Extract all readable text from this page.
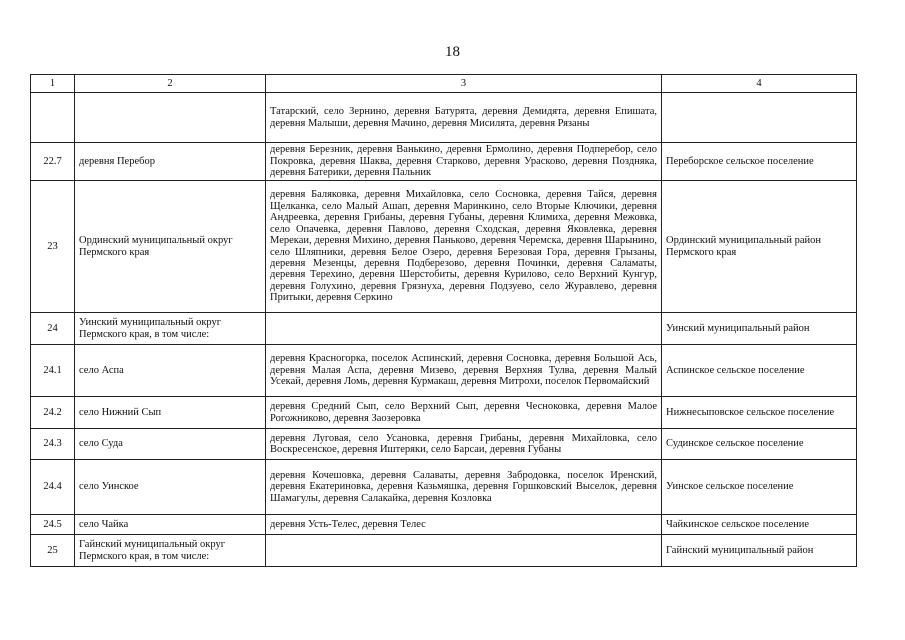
18
1	2	3	4
		Татарский, село Зернино, деревня Батурята, деревня Демидята, деревня Епишата, деревня Малыши, деревня Мачино, деревня Мисилята, деревня Рязаны	
22.7	деревня Перебор	деревня Березник, деревня Ванькино, деревня Ермолино, деревня Подперебор, село Покровка, деревня Шаква, деревня Старково, деревня Урасково, деревня Позднякa, деревня Батерики, деревня Пальник	Переборское сельское поселение
23	Ординский муниципальный округ Пермского края	деревня Баляковка, деревня Михайловка, село Сосновка, деревня Тайся, деревня Щелканка, село Малый Ашап, деревня Маринкино, село Вторые Ключики, деревня Андреевка, деревня Грибаны, деревня Губаны, деревня Климиха, деревня Межовка, село Опачевка, деревня Павлово, деревня Сходская, деревня Яковлевка, деревня Мерекаи, деревня Михино, деревня Паньково, деревня Черемска, деревня Шарынино, село Шляпники, деревня Белое Озеро, деревня Березовая Гора, деревня Грызаны, деревня Мезенцы, деревня Подберезово, деревня Починки, деревня Саламаты, деревня Терехино, деревня Шерстобиты, деревня Курилово, село Верхний Кунгур, деревня Голухино, деревня Грязнуха, деревня Подзуево, село Журавлево, деревня Притыки, деревня Серкино	Ординский муниципальный район Пермского края
24	Уинский муниципальный округ Пермского края, в том числе:		Уинский муниципальный район
24.1	село Аспа	деревня Красногорка, поселок Аспинский, деревня Сосновка, деревня Большой Ась, деревня Малая Аспа, деревня Мизево, деревня Верхняя Тулва, деревня Малый Усекай, деревня Ломь, деревня Курмакаш, деревня Митрохи, поселок Первомайский	Аспинское сельское поселение
24.2	село Нижний Сып	деревня Средний Сып, село Верхний Сып, деревня Чесноковка, деревня Малое Рогожниково, деревня Заозеровка	Нижнесыповское сельское поселение
24.3	село Суда	деревня Луговая, село Усановка, деревня Грибаны, деревня Михайловка, село Воскресенское, деревня Иштеряки, село Барсаи, деревня Губаны	Судинское сельское поселение
24.4	село Уинское	деревня Кочешовка, деревня Салаваты, деревня Забродовка, поселок Иренский, деревня Екатериновка, деревня Казьмяшка, деревня Горшковский Выселок, деревня Шамагулы, деревня Салакайка, деревня Козловка	Уинское сельское поселение
24.5	село Чайка	деревня Усть-Телес, деревня Телес	Чайкинское сельское поселение
25	Гайнский муниципальный округ Пермского края, в том числе:		Гайнский муниципальный район
